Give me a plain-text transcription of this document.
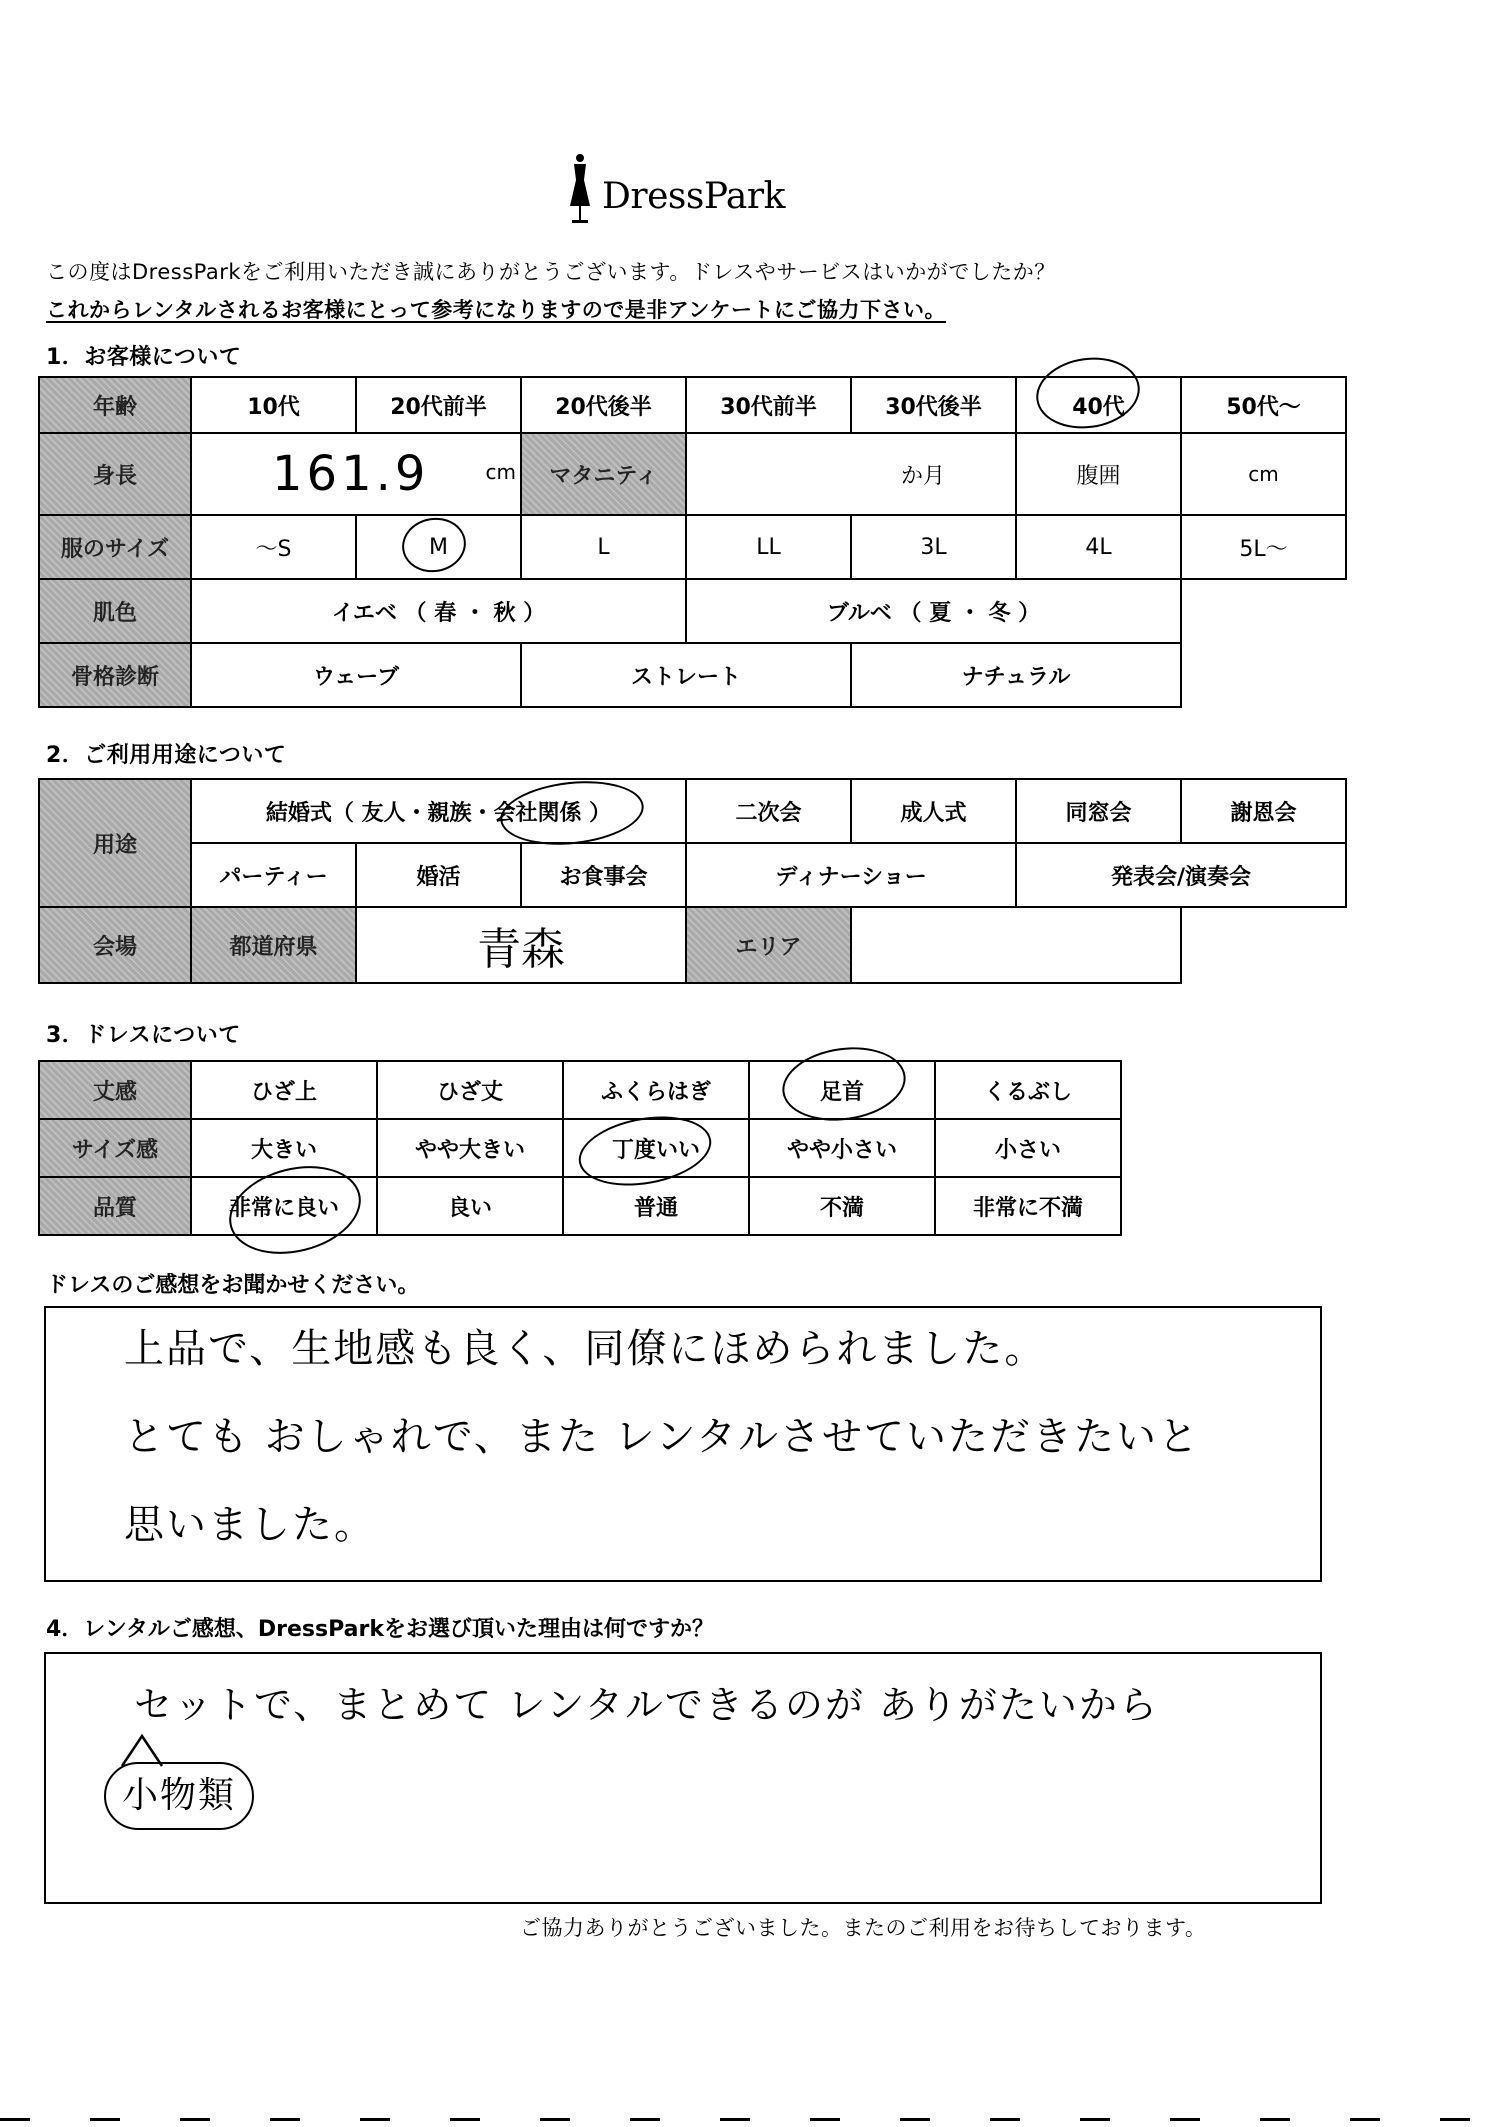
DressPark
この度はDressParkをご利用いただき誠にありがとうございます。ドレスやサービスはいかがでしたか？
これからレンタルされるお客様にとって参考になりますので是非アンケートにご協力下さい。
1．お客様について
年齢	10代	20代前半	20代後半	30代前半	30代後半	40代	50代〜
身長	161.9 cm		マタニティ	か月		腹囲	cm
服のサイズ	〜S	M	L	LL	3L	4L	5L〜
肌色	イエベ （ 春 ・ 秋 ）			ブルベ （ 夏 ・ 冬 ）			
骨格診断	ウェーブ		ストレート		ナチュラル		
2．ご利用用途について
用途	結婚式（ 友人・親族・会社関係 ）			二次会	成人式	同窓会	謝恩会
	パーティー	婚活	お食事会	ディナーショー		発表会/演奏会	
会場	都道府県	青森		エリア			
3．ドレスについて
丈感	ひざ上	ひざ丈	ふくらはぎ	足首	くるぶし
サイズ感	大きい	やや大きい	丁度いい	やや小さい	小さい
品質	非常に良い	良い	普通	不満	非常に不満
ドレスのご感想をお聞かせください。
上品で、生地感も良く、同僚にほめられました。
とても おしゃれで、また レンタルさせていただきたいと
思いました。
4．レンタルご感想、DressParkをお選び頂いた理由は何ですか？
セットで、まとめて レンタルできるのが ありがたいから
小物類
ご協力ありがとうございました。またのご利用をお待ちしております。
